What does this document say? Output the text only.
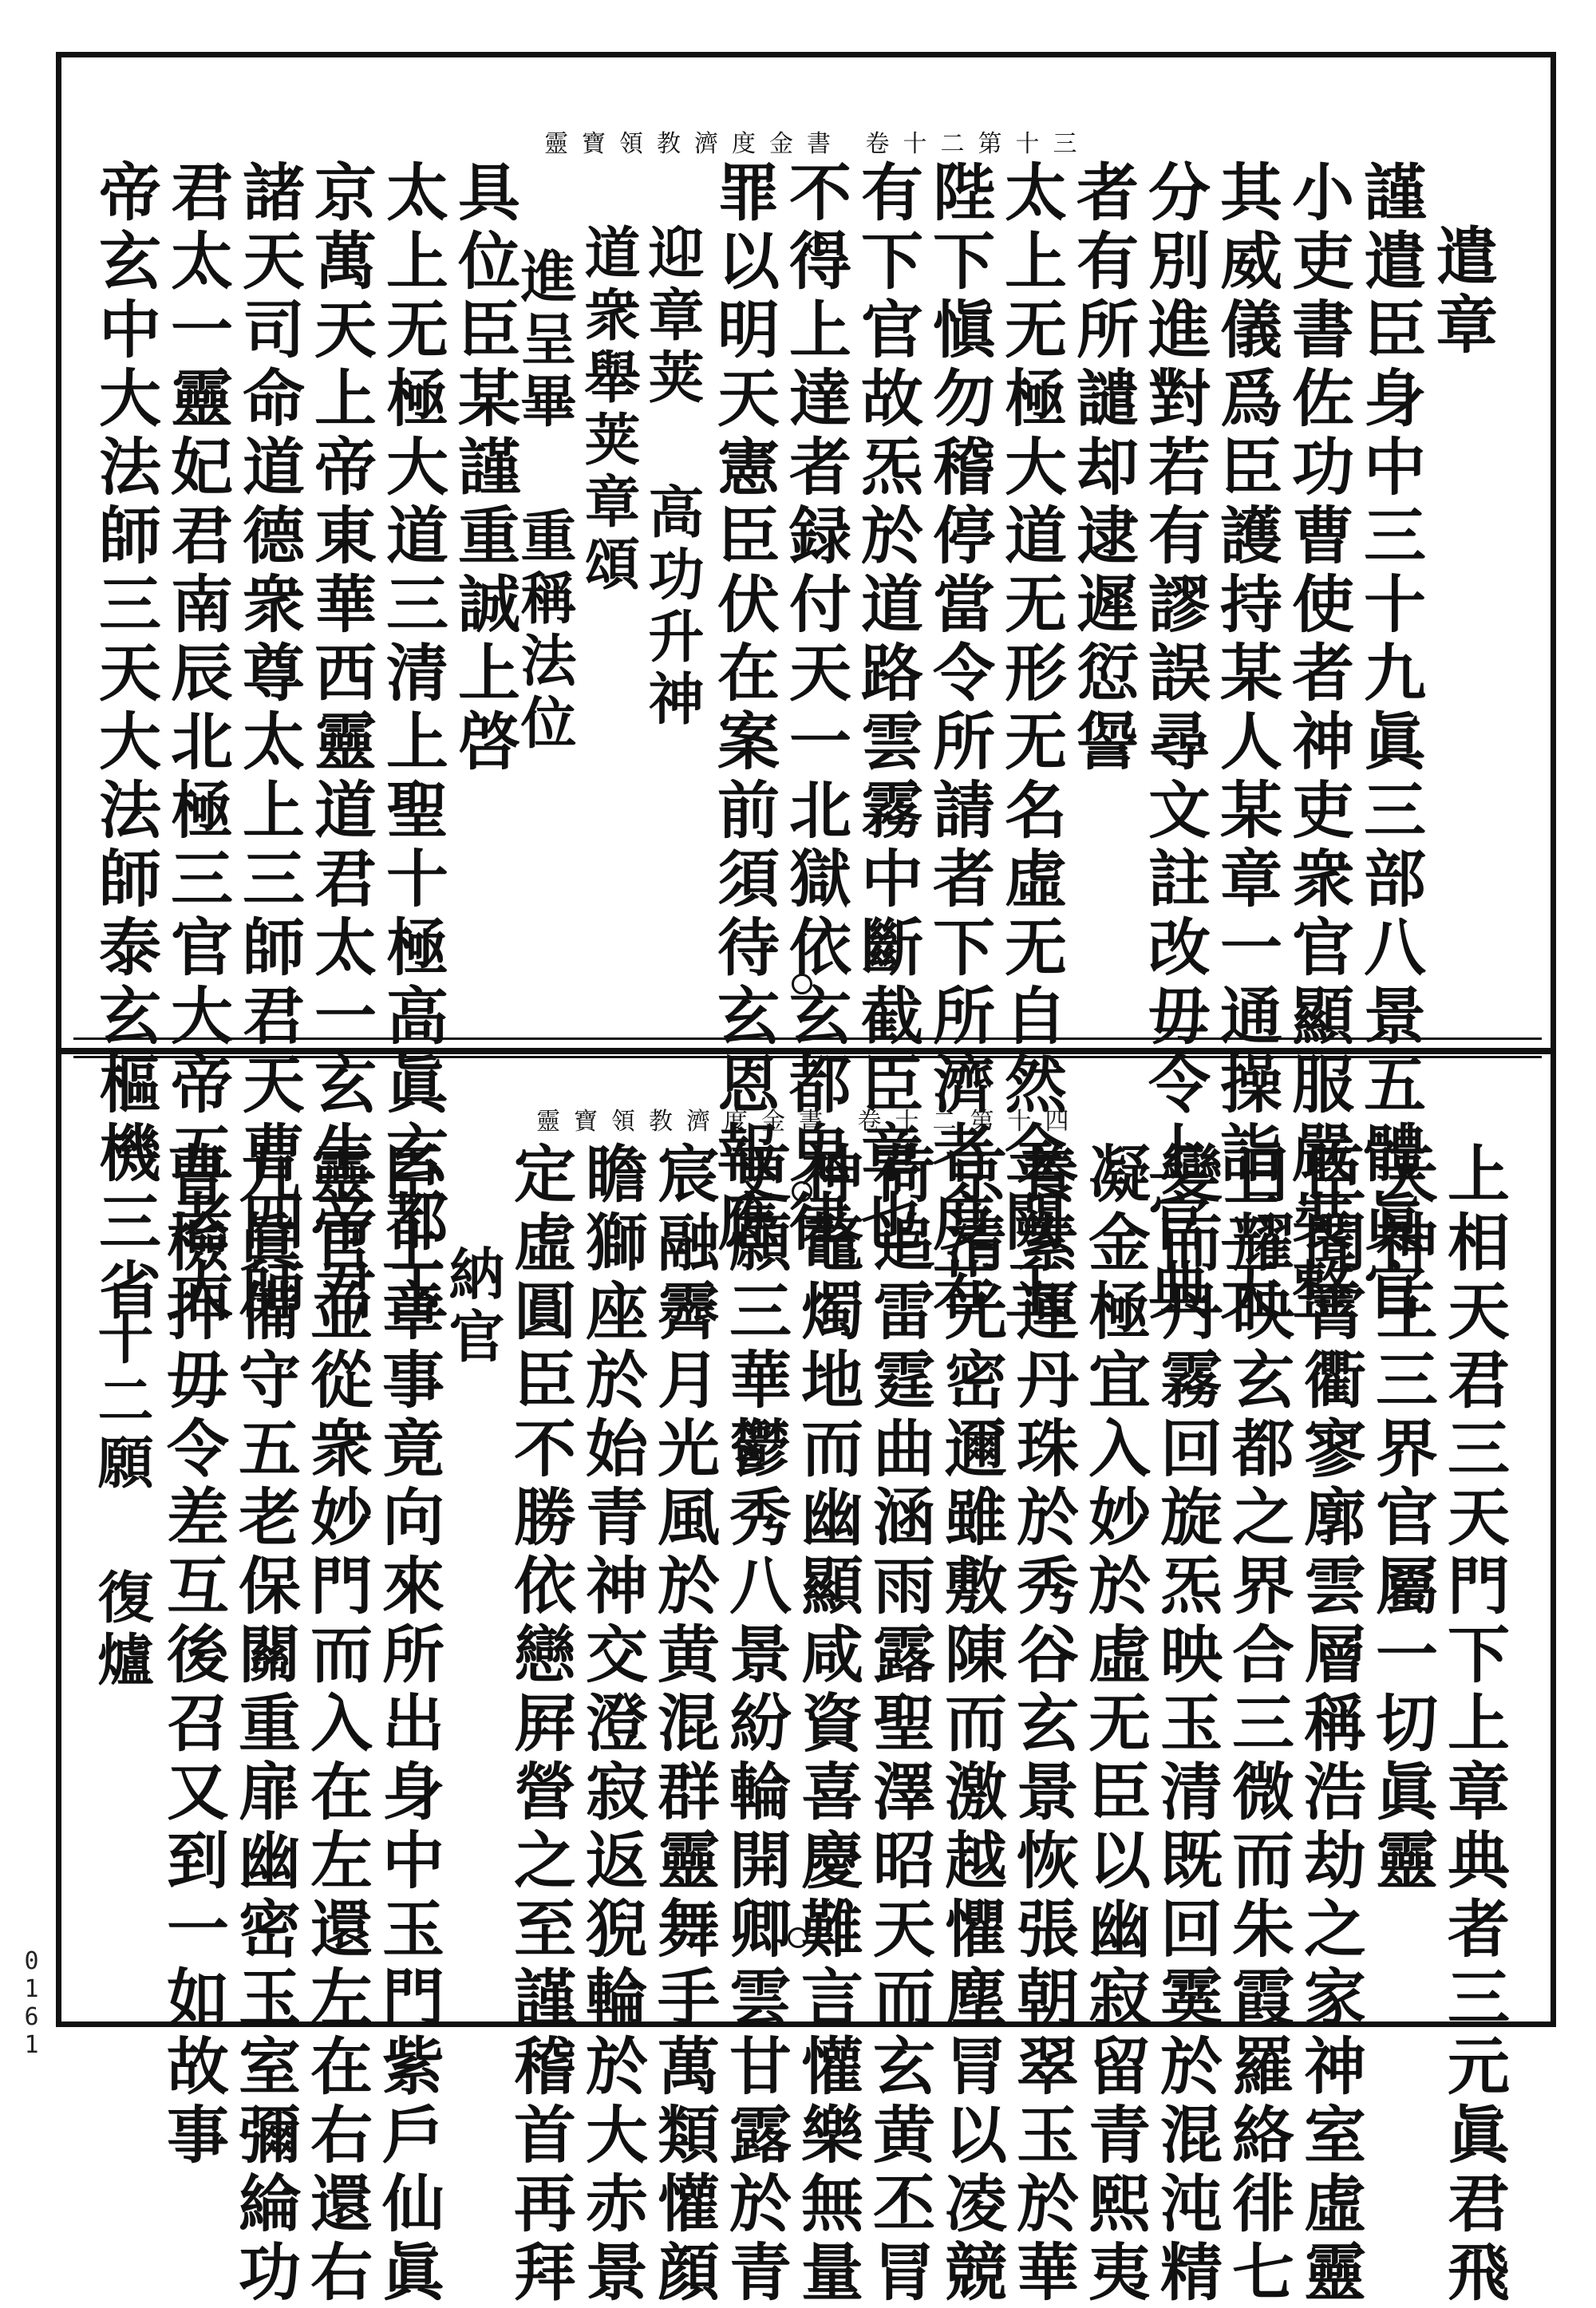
靈寶領教濟度金書 卷十二第十三
遣章
謹遣臣身中三十九眞三部八景五體眞官
小吏書佐功曹使者神吏衆官顯服嚴裝整
其威儀爲臣護持某人某章一通操詣三天
分別進對若有謬誤尋文註改毋令上官典
者有所譴却逮遲愆諐
太上无極大道无形无名虛无自然金闕玉
陛下愼勿稽停當令所請者下所濟者度若
有下官故炁於道路雲霧中斷截臣章也
不得上達者録付天一北獄依玄都鬼律
罪以明天憲臣伏在案前須待玄恩報應
迎章荚 高功升神
道衆舉荚章頌
進呈畢 重稱法位
具位臣某謹重誠上啓
太上无極大道三清上聖十極高眞玄都玉
京萬天上帝東華西靈道君太一玄生帝君
諸天司命道德衆尊太上三師君天曹四師
君太一靈妃君南辰北極三官大帝五老大
帝玄中大法師三天大法師泰玄樞機三省	靈寶領教濟度金書 卷十二第十四
上相天君三天門下上章典者三元眞君飛
天神王三界官屬一切眞靈
臣聞霄衢寥廓雲層稱浩劫之家神室虛靈
日耀映玄都之界合三微而朱霞羅絡徘七
變而丹霧回旋炁映玉清既回霙於混沌精
凝金極宜入妙於虛无臣以幽寂留青熙夷
養素運丹珠於秀谷玄景恢張朝翠玉於華
京清光密邇雖敷陳而激越懼塵冐以凌競
荷追雷霆曲涵雨露聖澤昭天而玄黄丕冐
神鼇燭地而幽顯咸資喜慶難言懽樂無量
更願三華鬱秀八景紛輪開卿雲甘露於青
宸融霽月光風於黄混群靈舞手萬類懽顔
瞻獅座於始青神交澄寂返猊輪於大赤景
定虛圓臣不勝依戀屛營之至謹稽首再拜
納官
臣上章事竟向來所出身中玉門紫戶仙眞
靈官並從衆妙門而入在左還左在右還右
九眞備守五老保關重扉幽密玉室彌綸功
曹檢押毋令差互後召又到一如故事
十二願 復爐
0161
